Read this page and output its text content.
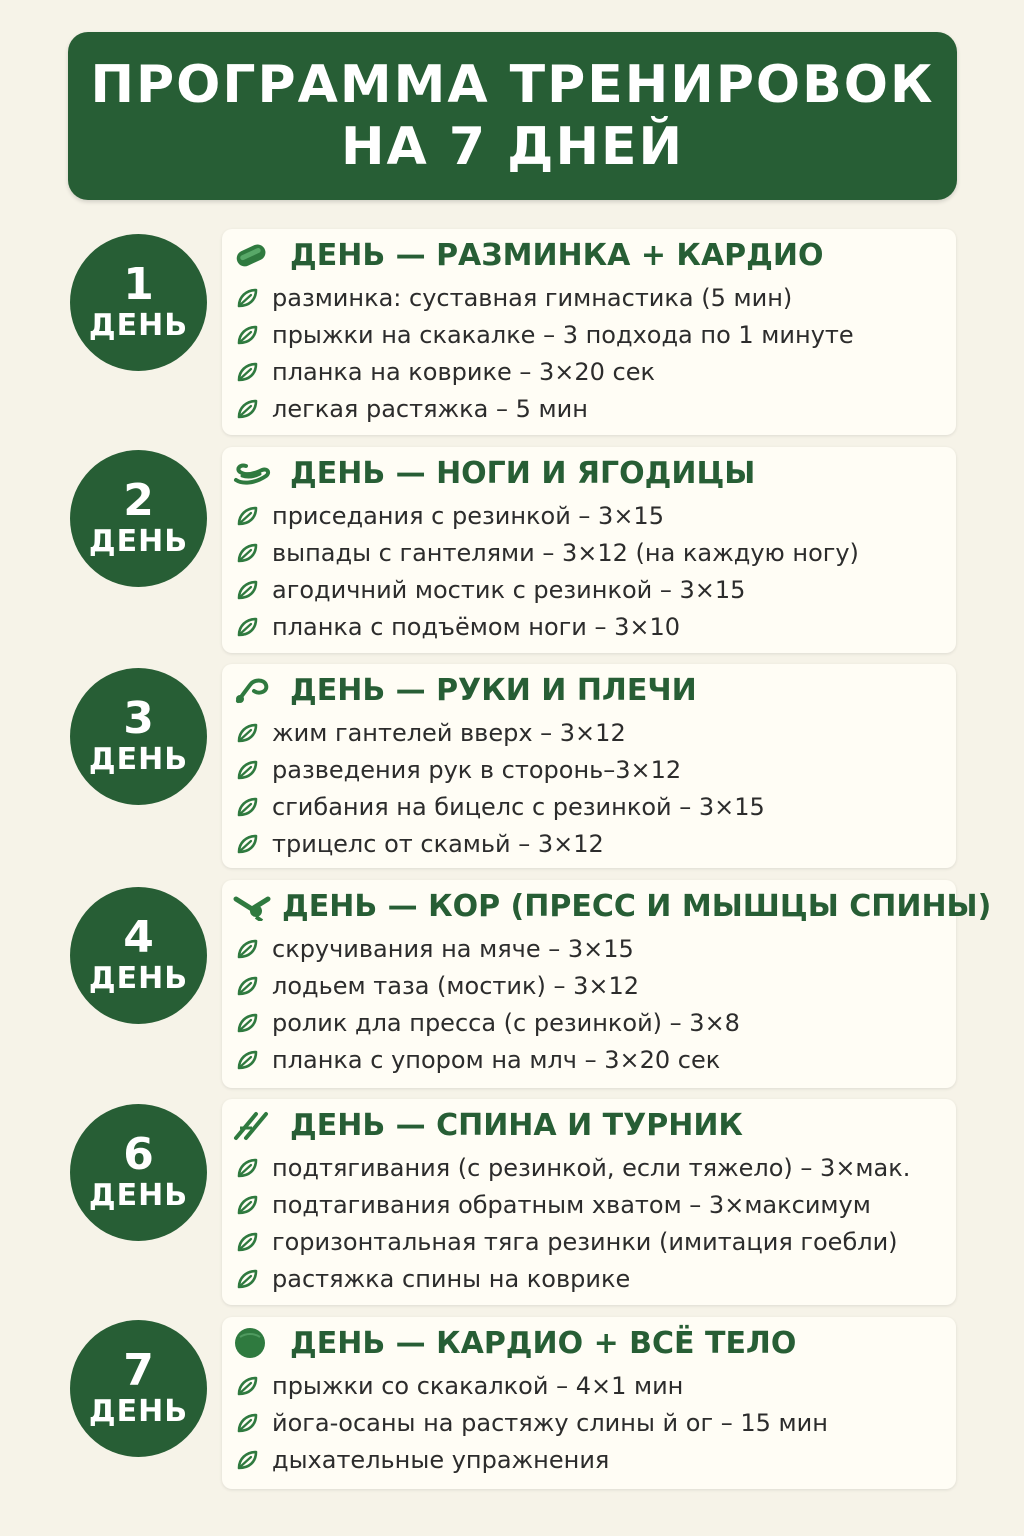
ПРОГРАММА ТРЕНИРОВОК
НА 7 ДНЕЙ
1
ДЕНЬ
ДЕНЬ — РАЗМИНКА + КАРДИО
разминка: суставная гимнастика (5 мин)
прыжки на скакалке – 3 подхода по 1 минуте
планка на коврике – 3×20 сек
легкая растяжка – 5 мин
2
ДЕНЬ
ДЕНЬ — НОГИ И ЯГОДИЦЫ
приседания с резинкой – 3×15
выпады с гантелями – 3×12 (на каждую ногу)
агодичний мостик с резинкой – 3×15
планка с подъёмом ноги – 3×10
3
ДЕНЬ
ДЕНЬ — РУКИ И ПЛЕЧИ
жим гантелей вверх – 3×12
разведения рук в сторонь–3×12
сгибания на бицелс с резинкой – 3×15
трицелс от скамьй – 3×12
4
ДЕНЬ
ДЕНЬ — КОР (ПРЕСС И МЫШЦЫ СПИНЫ)
скручивания на мяче – 3×15
лодьем таза (мостик) – 3×12
ролик дла пресса (с резинкой) – 3×8
планка с упором на млч – 3×20 сек
6
ДЕНЬ
ДЕНЬ — СПИНА И ТУРНИК
подтягивания (с резинкой, если тяжело) – 3×мак.
подтагивания обратным хватом – 3×максимум
горизонтальная тяга резинки (имитация гоебли)
растяжка спины на коврике
7
ДЕНЬ
ДЕНЬ — КАРДИО + ВСЁ ТЕЛО
прыжки со скакалкой – 4×1 мин
йога-осаны на растяжу слины й ог – 15 мин
дыхательные упражнения
